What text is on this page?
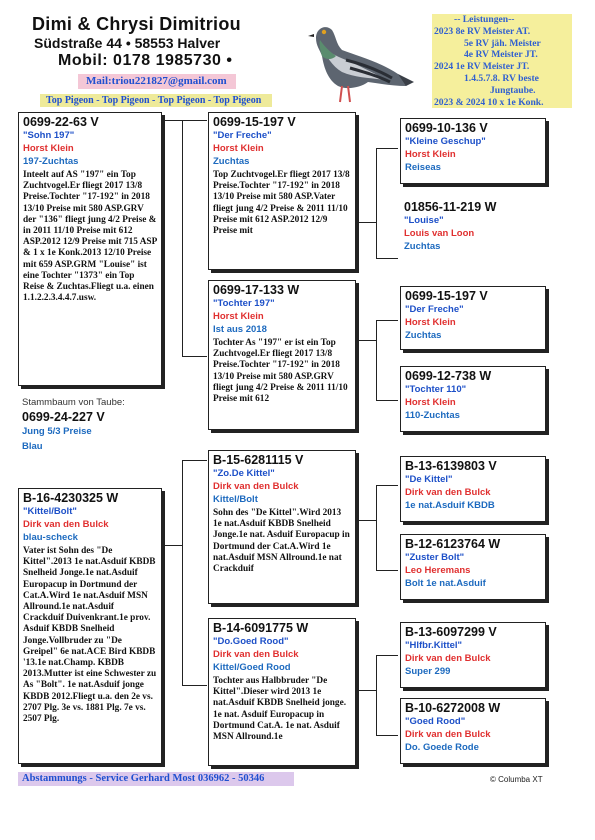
Dimi & Chrysi Dimitriou
Südstraße 44 • 58553 Halver
Mobil: 0178 1985730 •
Mail:triou221827@gmail.com
Top Pigeon - Top Pigeon - Top Pigeon - Top Pigeon
-- Leistungen--
2023 8e RV Meister AT.
5e RV jäh. Meister
4e RV Meister JT.
2024 1e RV Meister JT.
1.4.5.7.8. RV beste
Jungtaube.
2023 & 2024 10 x 1e Konk.
0699-22-63 V
"Sohn 197"
Horst Klein
197-Zuchtas
Inteelt auf AS "197" ein Top Zuchtvogel.Er fliegt 2017 13/8 Preise.Tochter "17-192" in 2018 13/10 Preise mit 580 ASP.GRV der "136" fliegt jung 4/2 Preise & in 2011 11/10 Preise mit 612 ASP.2012 12/9 Preise mit 715 ASP & 1 x 1e Konk.2013 12/10 Preise mit 659 ASP.GRM "Louise" ist eine Tochter "1373" ein Top Reise & Zuchtas.Fliegt u.a. einen 1.1.2.2.3.4.4.7.usw.
Stammbaum von Taube:
0699-24-227 V
Jung 5/3 Preise
Blau
B-16-4230325 W
"Kittel/Bolt"
Dirk van den Bulck
blau-scheck
Vater ist Sohn des "De Kittel".2013 1e nat.Asduif KBDB Snelheid Jonge.1e nat.Asduif Europacup in Dortmund der Cat.A.Wird 1e nat.Asduif MSN Allround.1e nat.Asduif Crackduif Duivenkrant.1e prov. Asduif KBDB Snelheid Jonge.Vollbruder zu "De Greipel" 6e nat.ACE Bird KBDB '13.1e nat.Champ. KBDB 2013.Mutter ist eine Schwester zu As "Bolt". 1e nat.Asduif jonge KBDB 2012.Fliegt u.a. den 2e vs. 2707 Plg. 3e vs. 1881 Plg. 7e vs. 2507 Plg.
0699-15-197 V
"Der Freche"
Horst Klein
Zuchtas
Top Zuchtvogel.Er fliegt 2017 13/8 Preise.Tochter "17-192" in 2018 13/10 Preise mit 580 ASP.Vater fliegt jung 4/2 Preise & 2011 11/10 Preise mit 612 ASP.2012 12/9 Preise mit
0699-17-133 W
"Tochter 197"
Horst Klein
Ist aus 2018
Tochter As "197" er ist ein Top Zuchtvogel.Er fliegt 2017 13/8 Preise.Tochter "17-192" in 2018 13/10 Preise mit 580 ASP.GRV fliegt jung 4/2 Preise & 2011 11/10 Preise mit 612
B-15-6281115 V
"Zo.De Kittel"
Dirk van den Bulck
Kittel/Bolt
Sohn des "De Kittel".Wird 2013 1e nat.Asduif KBDB Snelheid Jonge.1e nat. Asduif Europacup in Dortmund der Cat.A.Wird 1e nat.Asduif MSN Allround.1e nat Crackduif
B-14-6091775 W
"Do.Goed Rood"
Dirk van den Bulck
Kittel/Goed Rood
Tochter aus Halbbruder "De Kittel".Dieser wird 2013 1e nat.Asduif KBDB Snelheid jonge. 1e nat. Asduif Europacup in Dortmund Cat.A. 1e nat. Asduif MSN Allround.1e
0699-10-136 V
"Kleine Geschup"
Horst Klein
Reiseas
01856-11-219 W
"Louise"
Louis van Loon
Zuchtas
0699-15-197 V
"Der Freche"
Horst Klein
Zuchtas
0699-12-738 W
"Tochter 110"
Horst Klein
110-Zuchtas
B-13-6139803 V
"De Kittel"
Dirk van den Bulck
1e nat.Asduif KBDB
B-12-6123764 W
"Zuster Bolt"
Leo Heremans
Bolt 1e nat.Asduif
B-13-6097299 V
"Hlfbr.Kittel"
Dirk van den Bulck
Super 299
B-10-6272008 W
"Goed Rood"
Dirk van den Bulck
Do. Goede Rode
Abstammungs - Service Gerhard Most 036962 - 50346	© Columba XT
